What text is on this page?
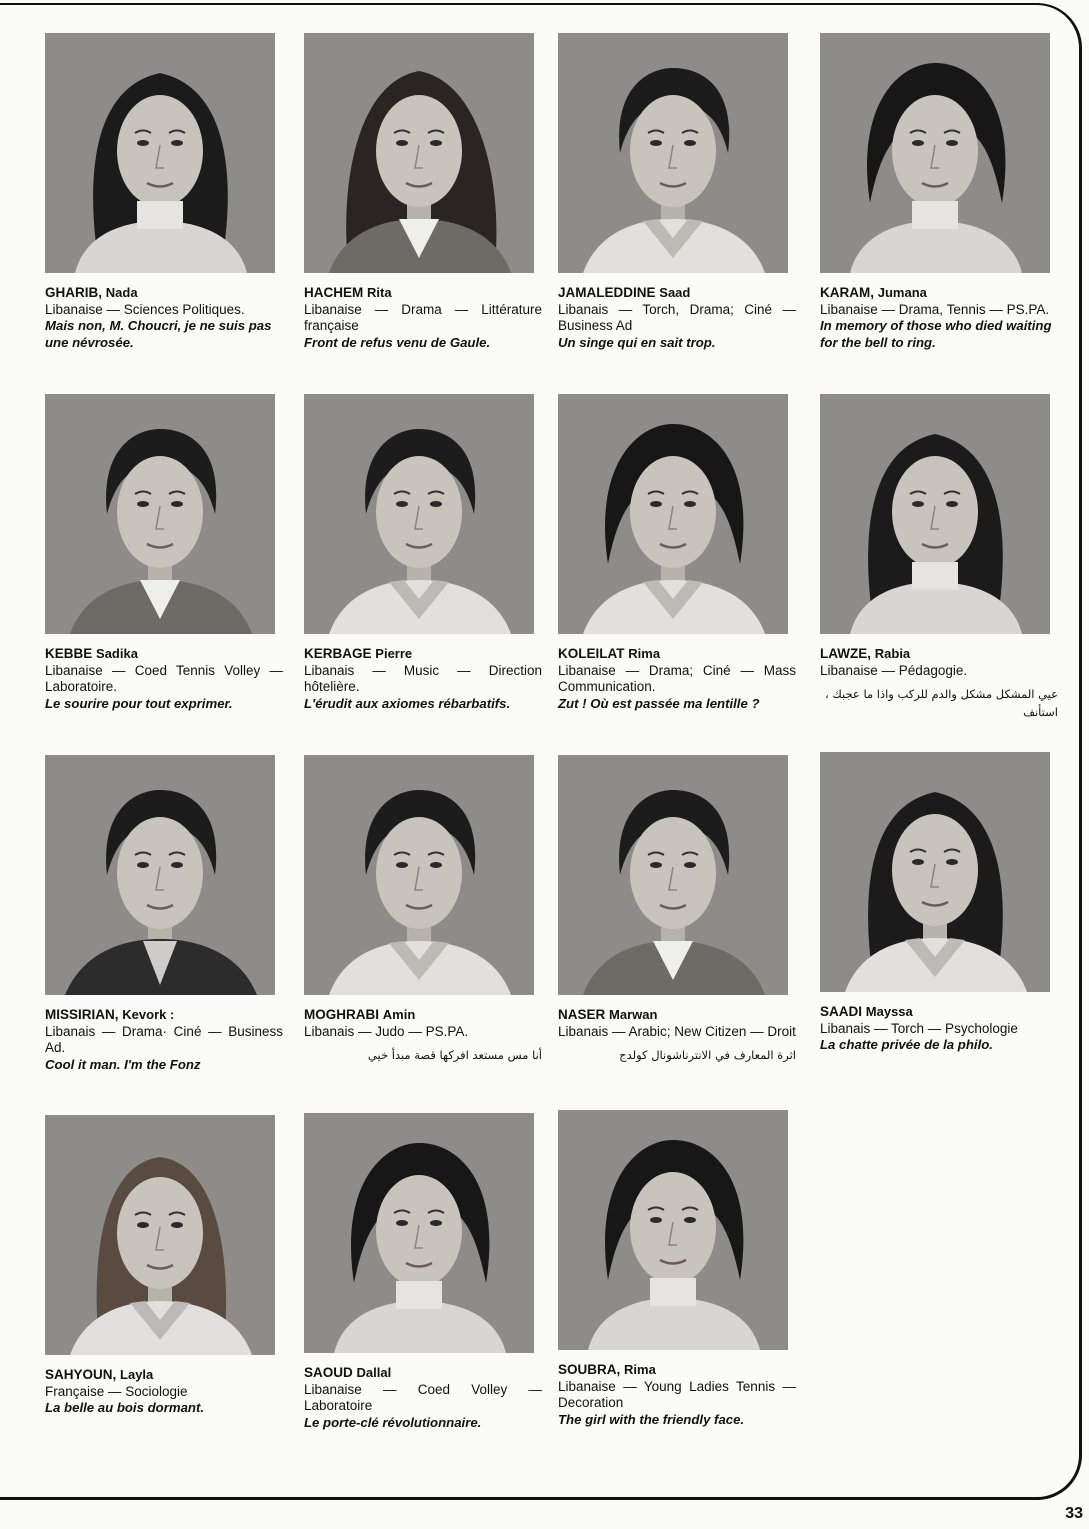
33
GHARIB, Nada
Libanaise — Sciences Politiques.
Mais non, M. Choucri, je ne suis pas une névrosée.
HACHEM Rita
Libanaise — Drama — Littérature française
Front de refus venu de Gaule.
JAMALEDDINE Saad
Libanais — Torch, Drama; Ciné — Business Ad
Un singe qui en sait trop.
KARAM, Jumana
Libanaise — Drama, Tennis — PS.PA.
In memory of those who died waiting for the bell to ring.
KEBBE Sadika
Libanaise — Coed Tennis Volley — Laboratoire.
Le sourire pour tout exprimer.
KERBAGE Pierre
Libanais — Music — Direction hôtelière.
L'érudit aux axiomes rébarbatifs.
KOLEILAT Rima
Libanaise — Drama; Ciné — Mass Communication.
Zut ! Où est passée ma lentille ?
LAWZE, Rabia
Libanaise — Pédagogie.
عيي المشكل مشكل والدم للركب واذا ما عجبك ، استأنف
MISSIRIAN, Kevork :
Libanais — Drama· Ciné — Business Ad.
Cool it man. I'm the Fonz
MOGHRABI Amin
Libanais — Judo — PS.PA.
أنا مس مستعد افركها قصة مبدأ خيي
NASER Marwan
Libanais — Arabic; New Citizen — Droit
اثرة المعارف في الانترناشونال كولدج
SAADI Mayssa
Libanais — Torch — Psychologie
La chatte privée de la philo.
SAHYOUN, Layla
Française — Sociologie
La belle au bois dormant.
SAOUD Dallal
Libanaise — Coed Volley — Laboratoire
Le porte-clé révolutionnaire.
SOUBRA, Rima
Libanaise — Young Ladies Tennis — Decoration
The girl with the friendly face.
